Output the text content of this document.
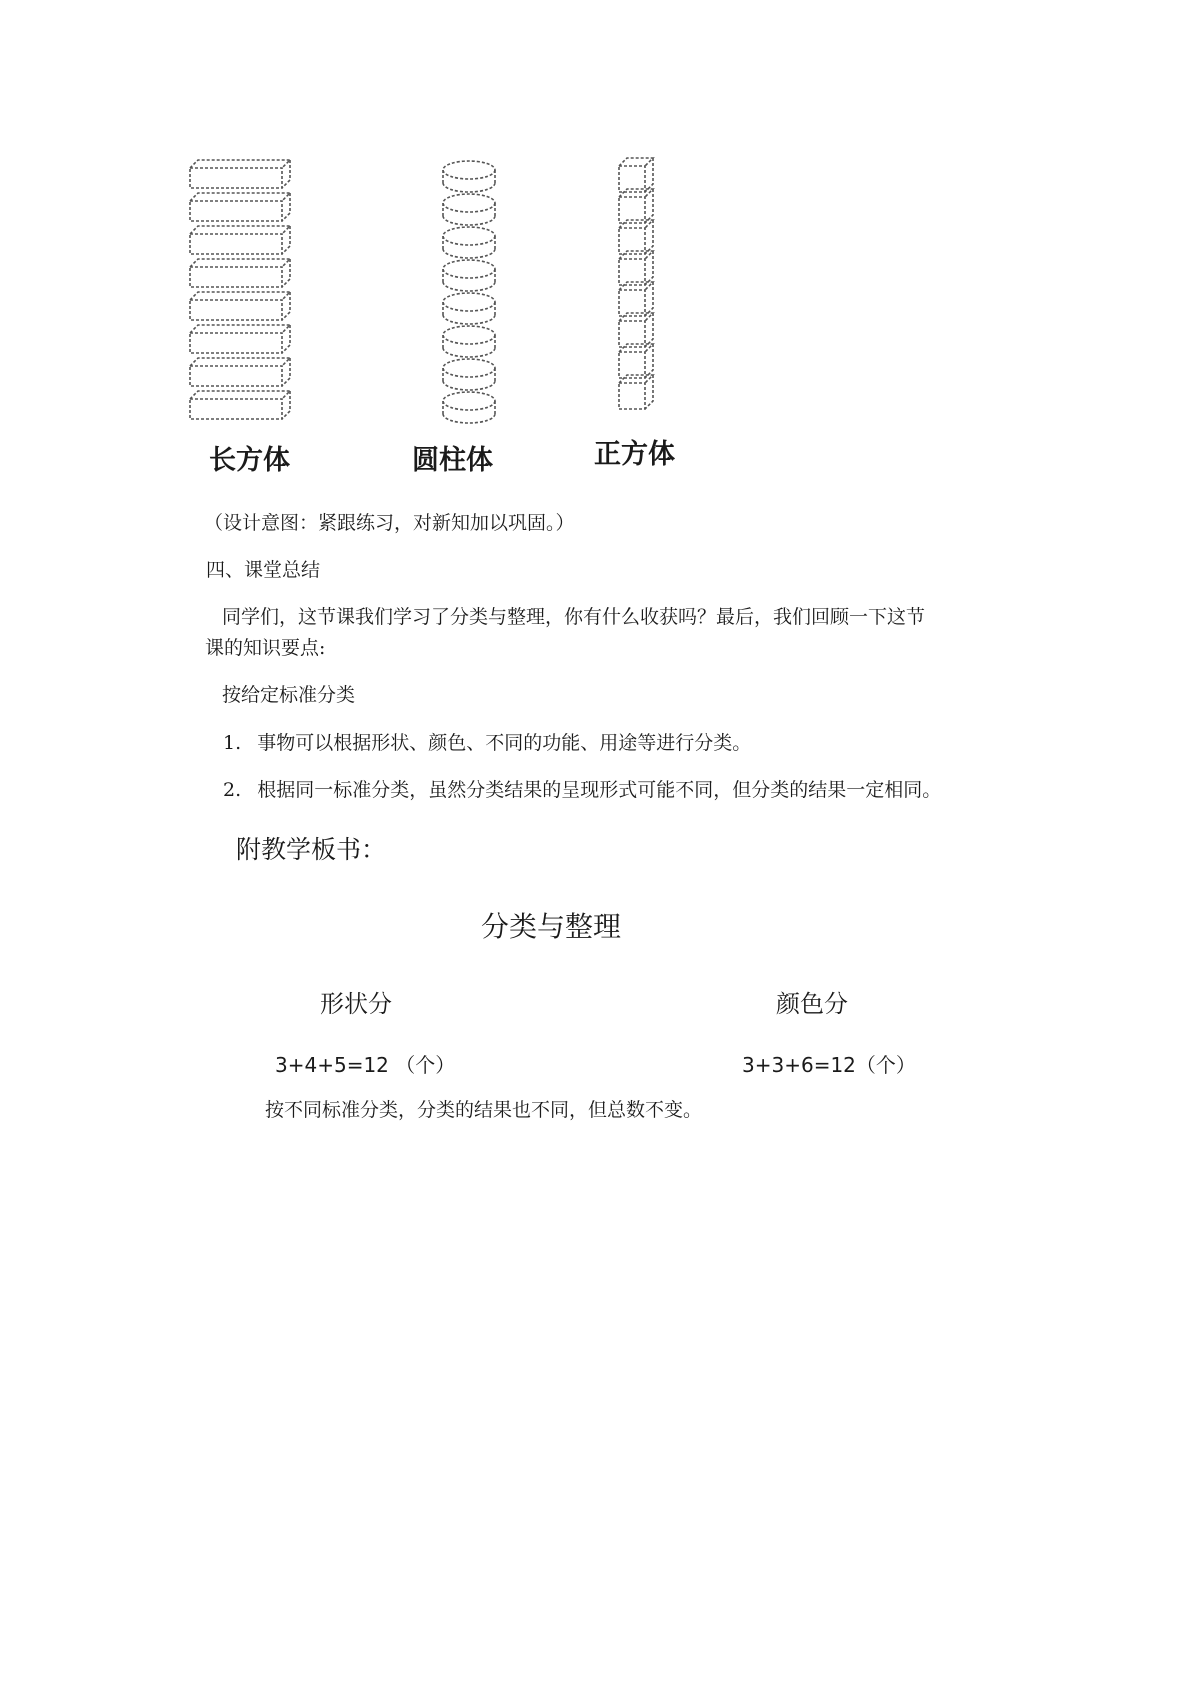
长方体	圆柱体	正方体
（设计意图：紧跟练习，对新知加以巩固。）
四、课堂总结
同学们，这节课我们学习了分类与整理，你有什么收获吗？最后，我们回顾一下这节
课的知识要点:
按给定标准分类
1. 事物可以根据形状、颜色、不同的功能、用途等进行分类。
2. 根据同一标准分类，虽然分类结果的呈现形式可能不同，但分类的结果一定相同。
附教学板书：
分类与整理
形状分	颜色分
3+4+5=12 （个）	3+3+6=12（个）
按不同标准分类，分类的结果也不同，但总数不变。
